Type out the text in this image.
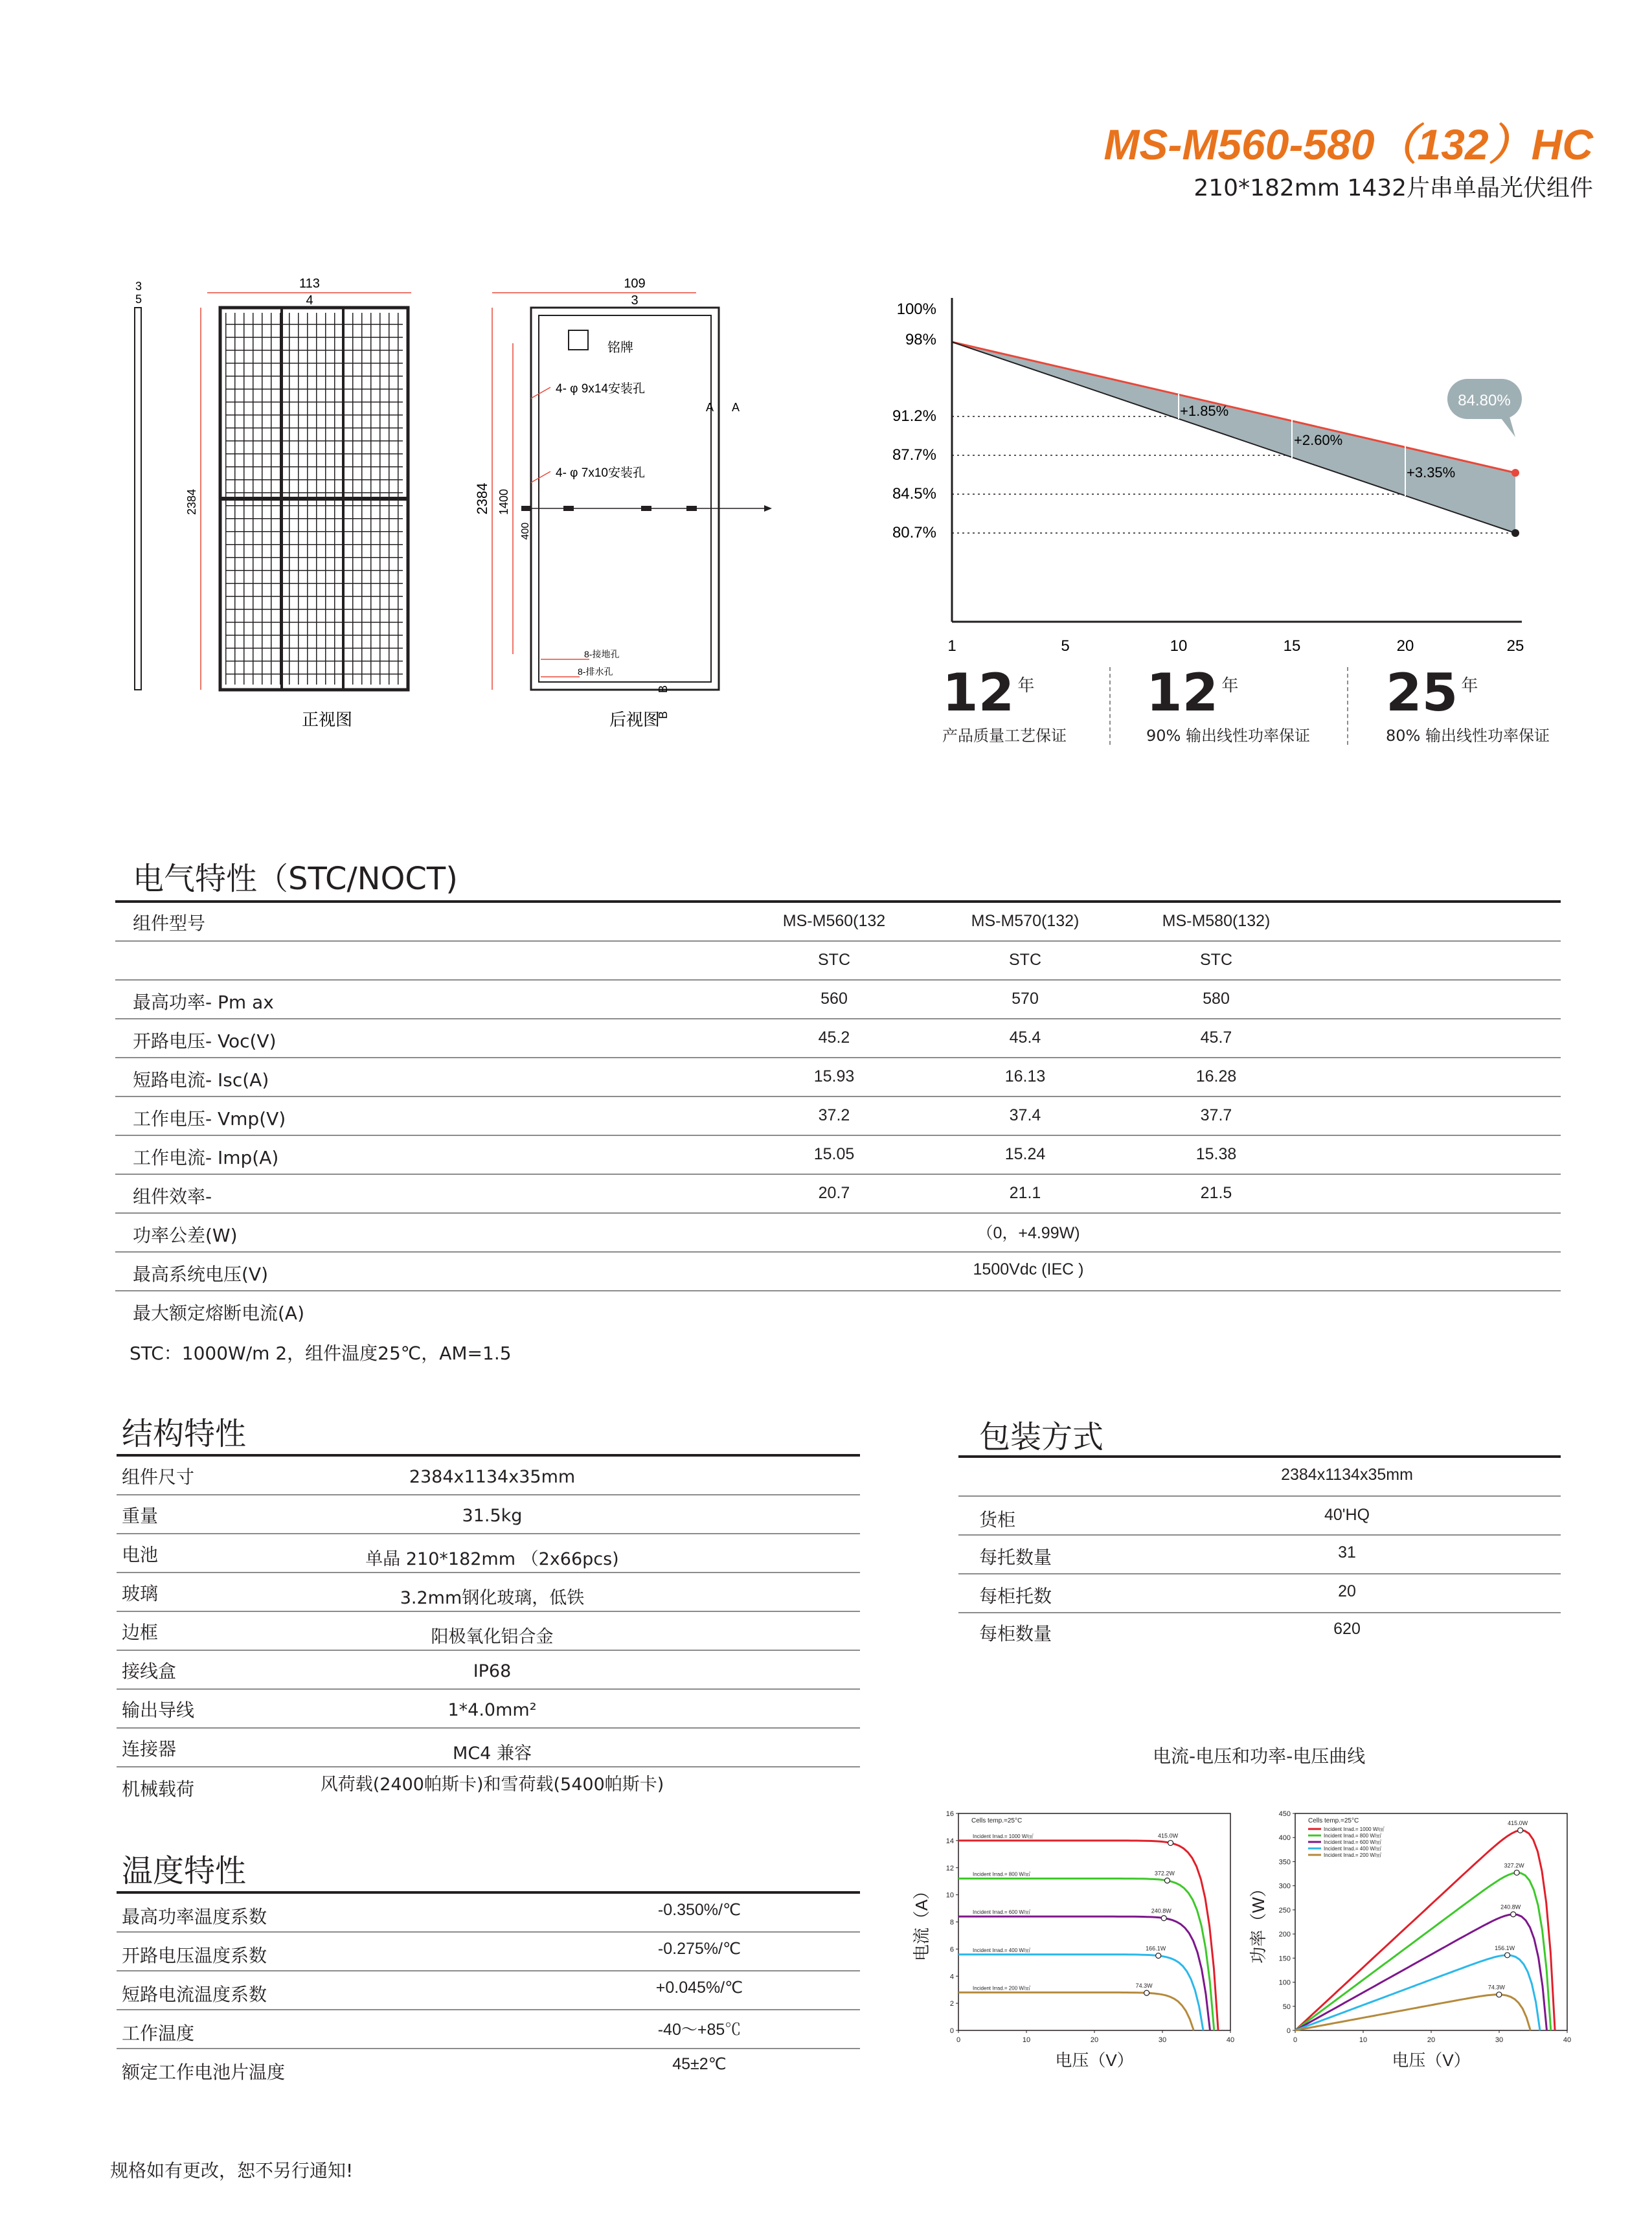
MS-M560-580（132）HC
210*182mm 1432片串单晶光伏组件
3
5
113
4
2384
正视图
109
3
2384 1400
400
铭牌
4- φ 9x14安装孔
4- φ 7x10安装孔
A A
8-接地孔
8-排水孔
B
B
后视图
100%
98%
91.2%
87.7%
84.5%
80.7%
+1.85%
+2.60%
+3.35%
84.80%
1	5	10	15	20	25
12 年
产品质量工艺保证
12 年
90% 输出线性功率保证
25 年
80% 输出线性功率保证
电气特性（STC/NOCT)
组件型号	MS-M560(132	MS-M570(132)	MS-M580(132)
STC	STC	STC
最高功率- Pm ax	560	570	580
开路电压- Voc(V)	45.2	45.4	45.7
短路电流- Isc(A)	15.93	16.13	16.28
工作电压- Vmp(V)	37.2	37.4	37.7
工作电流- Imp(A)	15.05	15.24	15.38
组件效率-	20.7	21.1	21.5
功率公差(W)	（0，+4.99W)
最高系统电压(V)	1500Vdc (IEC )
最大额定熔断电流(A)
STC：1000W/m 2，组件温度25℃，AM=1.5
结构特性
组件尺寸	2384x1134x35mm
重量	31.5kg
电池	单晶 210*182mm （2x66pcs)
玻璃	3.2mm钢化玻璃，低铁
边框	阳极氧化铝合金
接线盒	IP68
输出导线	1*4.0mm²
连接器	MC4 兼容
机械载荷	风荷载(2400帕斯卡)和雪荷载(5400帕斯卡)
包装方式
2384x1134x35mm
货柜	40'HQ
每托数量	31
每柜托数	20
每柜数量	620
温度特性
最高功率温度系数	-0.350%/℃
开路电压温度系数	-0.275%/℃
短路电流温度系数	+0.045%/℃
工作温度	-40～+85℃
额定工作电池片温度	45±2℃
电流-电压和功率-电压曲线
0
2
4
6
8
10
12
14
16
0	10	20	30	40
Cells temp.=25°C
电压（V）
电流（A）
415.0W
Incident Irrad.= 1000 W/㎡
372.2W
Incident Irrad.= 800 W/㎡
240.8W
Incident Irrad.= 600 W/㎡
166.1W
Incident Irrad.= 400 W/㎡
74.3W
Incident Irrad.= 200 W/㎡
0
50
100
150
200
250
300
350
400
450
0	10	20	30	40
Cells temp.=25°C
电压（V）
功率（W）
415.0W
Incident Irrad.= 1000 W/㎡
327.2W
Incident Irrad.= 800 W/㎡
240.8W
Incident Irrad.= 600 W/㎡
156.1W
Incident Irrad.= 400 W/㎡
74.3W
Incident Irrad.= 200 W/㎡
规格如有更改，恕不另行通知!
